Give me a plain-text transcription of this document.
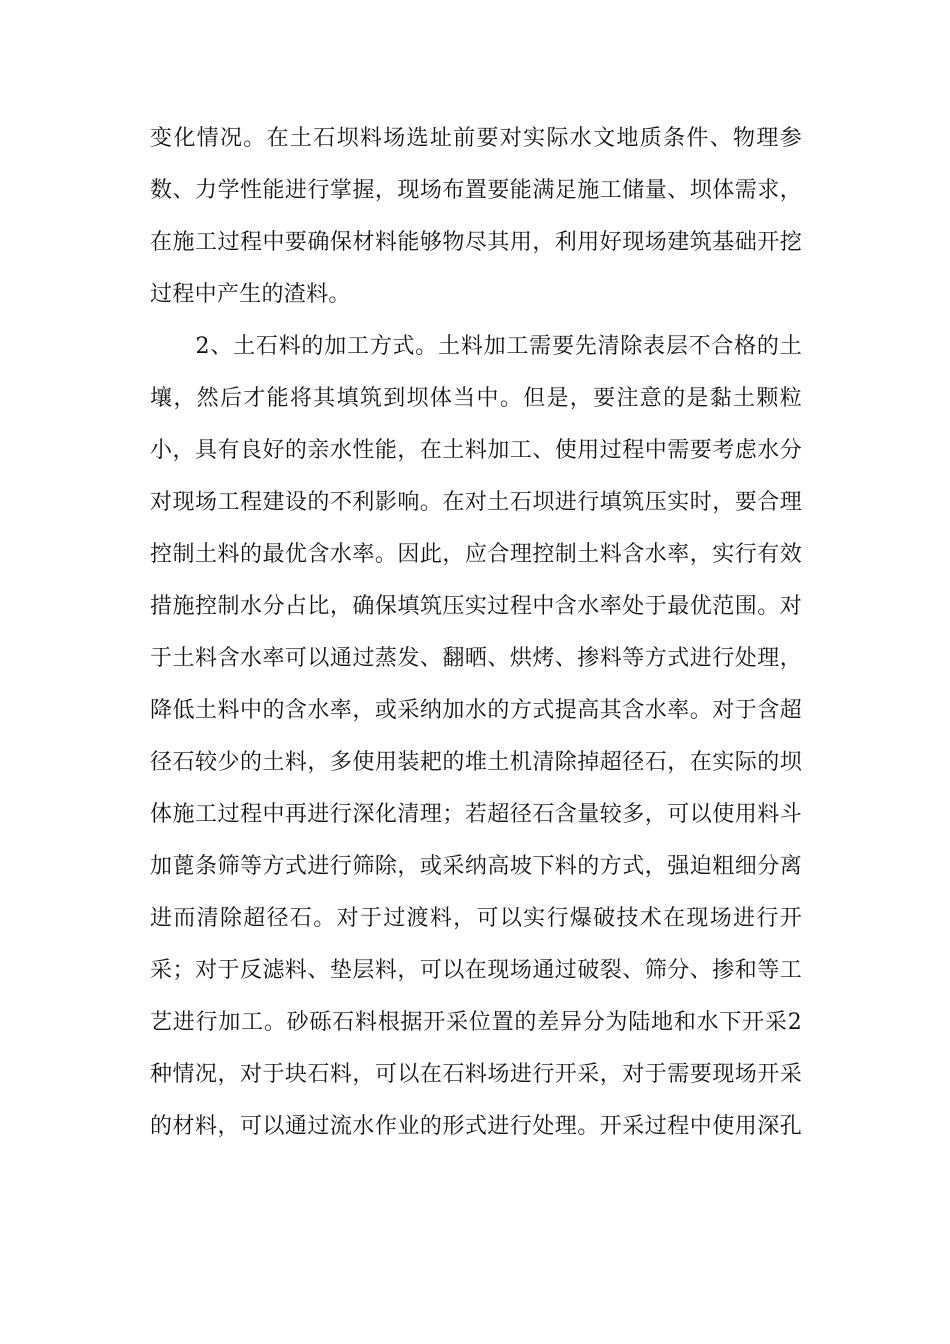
变化情况。在土石坝料场选址前要对实际水文地质条件、物理参
数、力学性能进行掌握，现场布置要能满足施工储量、坝体需求，
在施工过程中要确保材料能够物尽其用，利用好现场建筑基础开挖
过程中产生的渣料。
　　2、土石料的加工方式。土料加工需要先清除表层不合格的土
壤，然后才能将其填筑到坝体当中。但是，要注意的是黏土颗粒
小，具有良好的亲水性能，在土料加工、使用过程中需要考虑水分
对现场工程建设的不利影响。在对土石坝进行填筑压实时，要合理
控制土料的最优含水率。因此，应合理控制土料含水率，实行有效
措施控制水分占比，确保填筑压实过程中含水率处于最优范围。对
于土料含水率可以通过蒸发、翻晒、烘烤、掺料等方式进行处理，
降低土料中的含水率，或采纳加水的方式提高其含水率。对于含超
径石较少的土料，多使用装耙的堆土机清除掉超径石，在实际的坝
体施工过程中再进行深化清理；若超径石含量较多，可以使用料斗
加蓖条筛等方式进行筛除，或采纳高坡下料的方式，强迫粗细分离
进而清除超径石。对于过渡料，可以实行爆破技术在现场进行开
采；对于反滤料、垫层料，可以在现场通过破裂、筛分、掺和等工
艺进行加工。砂砾石料根据开采位置的差异分为陆地和水下开采2
种情况，对于块石料，可以在石料场进行开采，对于需要现场开采
的材料，可以通过流水作业的形式进行处理。开采过程中使用深孔
